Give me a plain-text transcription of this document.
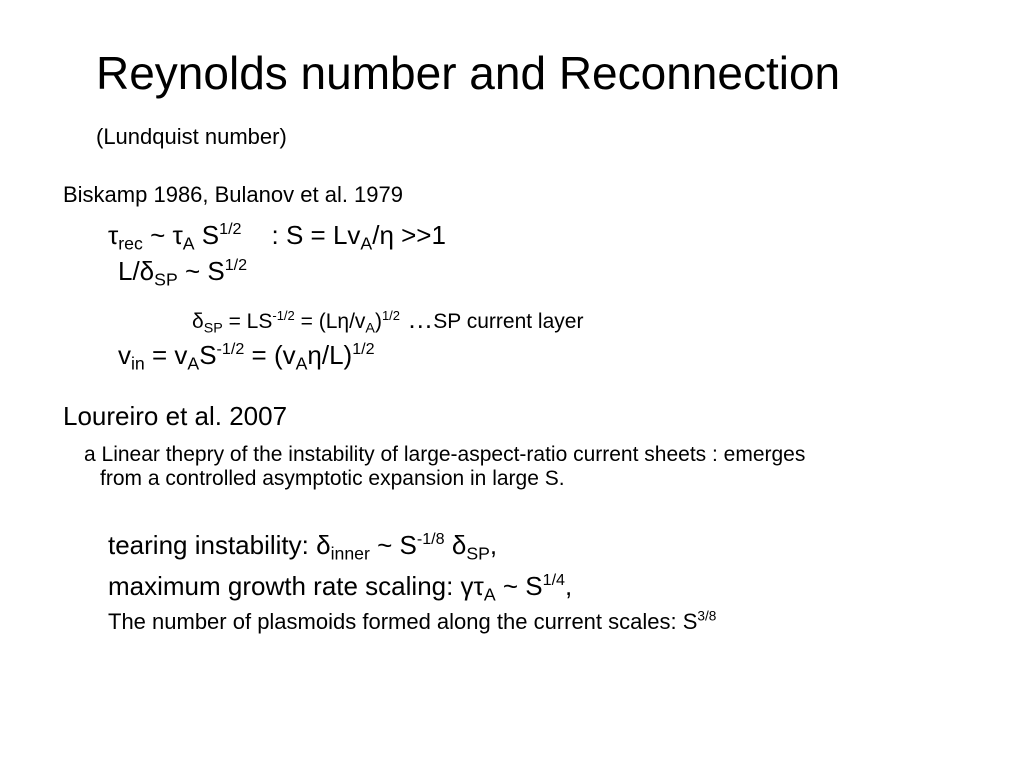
Reynolds number and Reconnection
(Lundquist number)
Biskamp 1986, Bulanov et al. 1979
$\tau_{rec}$ ~ $\tau_A$ $S^{1/2}$ : $S = Lv_A/\eta >>1$
$L/\delta_{SP}$ ~ $S^{1/2}$
$\delta_{SP} = LS^{-1/2} = (L\eta/v_A)^{1/2}$ …SP current layer
$v_{in} = v_AS^{-1/2} = (v_A\eta/L)^{1/2}$
Loureiro et al. 2007
a Linear thepry of the instability of large-aspect-ratio current sheets : emerges
from a controlled asymptotic expansion in large S.
tearing instability: $\delta_{inner}$ ~ $S^{-1/8}$ $\delta_{SP}$,
maximum growth rate scaling: $\gamma\tau_A$ ~ $S^{1/4}$,
The number of plasmoids formed along the current scales: $S^{3/8}$
